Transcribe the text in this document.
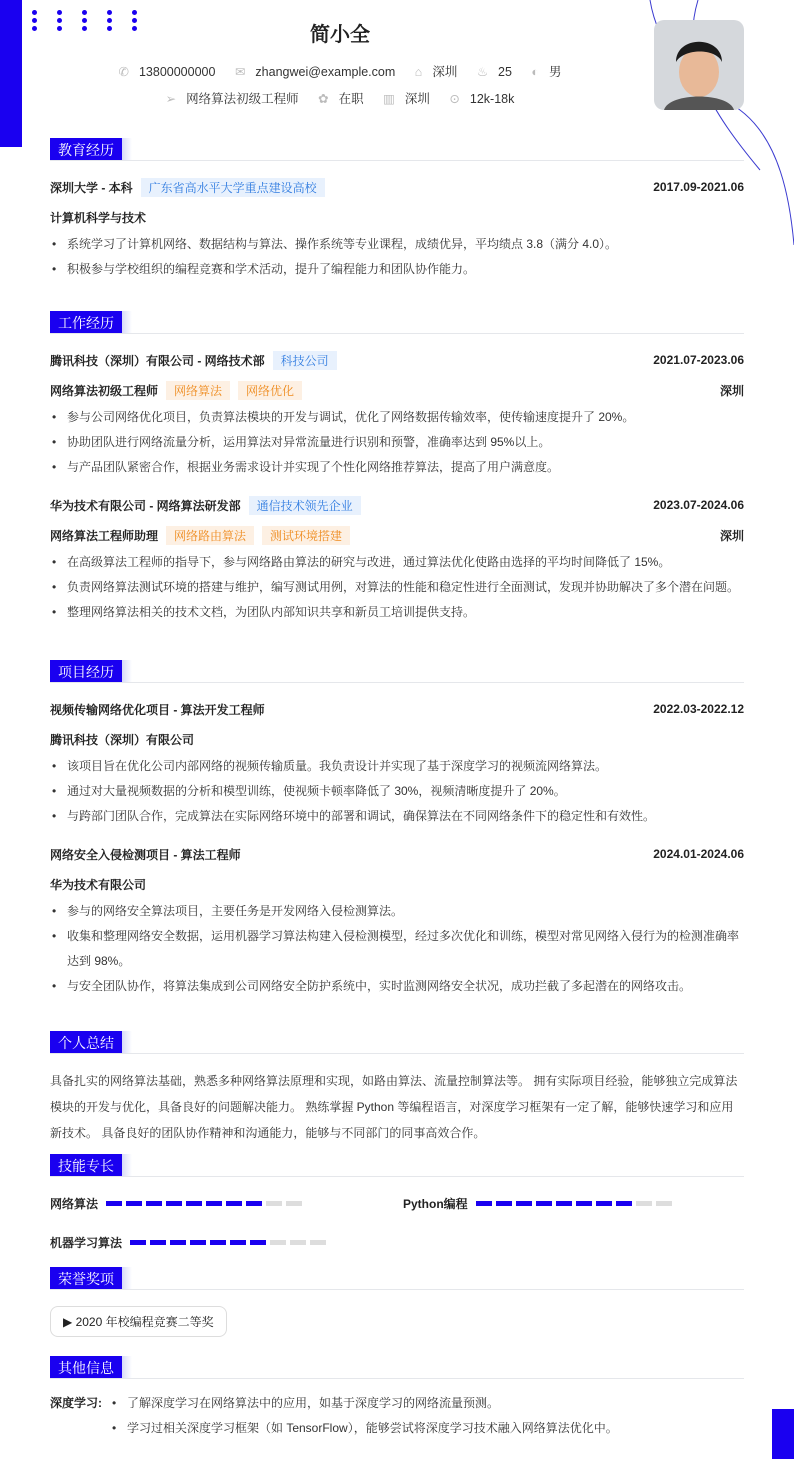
简小全
✆ 13800000000 ✉ zhangwei@example.com ⌂ 深圳 ♨ 25 ◐ 男
➢ 网络算法初级工程师 ✿ 在职 ▥ 深圳 ⊙ 12k-18k
教育经历
深圳大学 - 本科 广东省高水平大学重点建设高校	2017.09-2021.06
计算机科学与技术
• 系统学习了计算机网络、数据结构与算法、操作系统等专业课程，成绩优异，平均绩点 3.8（满分 4.0）。
• 积极参与学校组织的编程竞赛和学术活动，提升了编程能力和团队协作能力。
工作经历
腾讯科技（深圳）有限公司 - 网络技术部 科技公司	2021.07-2023.06
网络算法初级工程师 网络算法 网络优化	深圳
• 参与公司网络优化项目，负责算法模块的开发与调试，优化了网络数据传输效率，使传输速度提升了 20%。
• 协助团队进行网络流量分析，运用算法对异常流量进行识别和预警，准确率达到 95%以上。
• 与产品团队紧密合作，根据业务需求设计并实现了个性化网络推荐算法，提高了用户满意度。
华为技术有限公司 - 网络算法研发部 通信技术领先企业	2023.07-2024.06
网络算法工程师助理 网络路由算法 测试环境搭建	深圳
• 在高级算法工程师的指导下，参与网络路由算法的研究与改进，通过算法优化使路由选择的平均时间降低了 15%。
• 负责网络算法测试环境的搭建与维护，编写测试用例，对算法的性能和稳定性进行全面测试，发现并协助解决了多个潜在问题。
• 整理网络算法相关的技术文档，为团队内部知识共享和新员工培训提供支持。
项目经历
视频传输网络优化项目 - 算法开发工程师	2022.03-2022.12
腾讯科技（深圳）有限公司
• 该项目旨在优化公司内部网络的视频传输质量。我负责设计并实现了基于深度学习的视频流网络算法。
• 通过对大量视频数据的分析和模型训练，使视频卡顿率降低了 30%，视频清晰度提升了 20%。
• 与跨部门团队合作，完成算法在实际网络环境中的部署和调试，确保算法在不同网络条件下的稳定性和有效性。
网络安全入侵检测项目 - 算法工程师	2024.01-2024.06
华为技术有限公司
• 参与的网络安全算法项目，主要任务是开发网络入侵检测算法。
• 收集和整理网络安全数据，运用机器学习算法构建入侵检测模型，经过多次优化和训练，模型对常见网络入侵行为的检测准确率达到 98%。
• 与安全团队协作，将算法集成到公司网络安全防护系统中，实时监测网络安全状况，成功拦截了多起潜在的网络攻击。
个人总结

具备扎实的网络算法基础，熟悉多种网络算法原理和实现，如路由算法、流量控制算法等。 拥有实际项目经验，能够独立完成算法模块的开发与优化，具备良好的问题解决能力。 熟练掌握 Python 等编程语言，对深度学习框架有一定了解，能够快速学习和应用新技术。 具备良好的团队协作精神和沟通能力，能够与不同部门的同事高效合作。

技能专长
网络算法	Python编程
机器学习算法
荣誉奖项
▶ 2020 年校编程竞赛二等奖
其他信息
深度学习:	• 了解深度学习在网络算法中的应用，如基于深度学习的网络流量预测。
• 学习过相关深度学习框架（如 TensorFlow），能够尝试将深度学习技术融入网络算法优化中。
